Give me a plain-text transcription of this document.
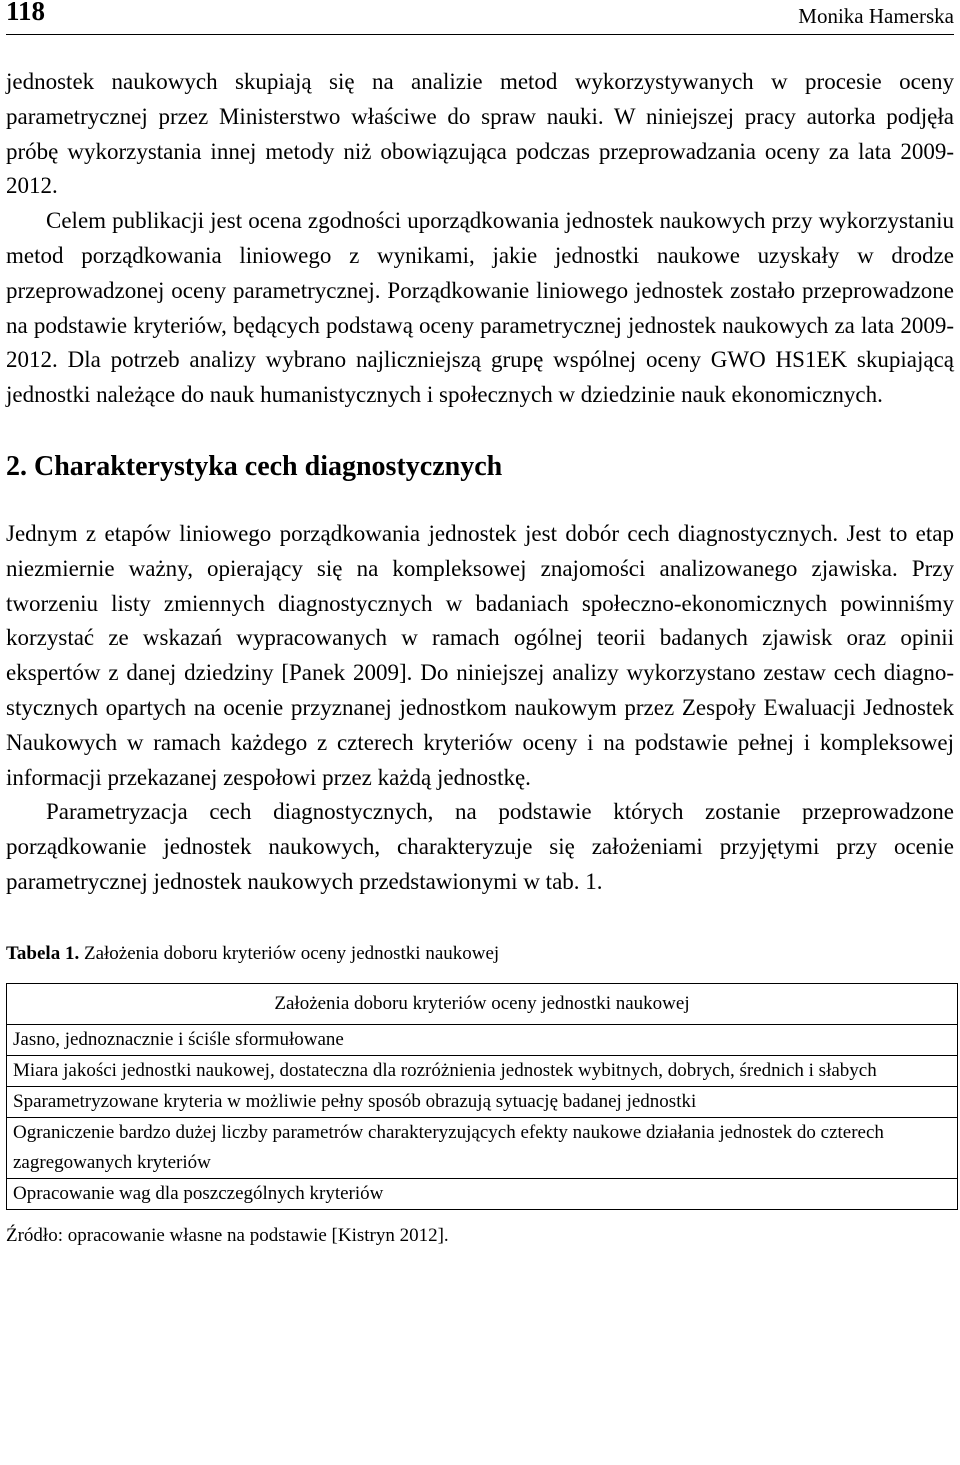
118	Monika Hamerska

jednostek naukowych skupiają się na analizie metod wykorzystywanych w procesie oceny parametrycznej przez Ministerstwo właściwe do spraw nauki. W niniejszej pracy autorka podjęła próbę wykorzystania innej metody niż obowiązująca podczas przeprowadzania oceny za lata 2009-2012.

Celem publikacji jest ocena zgodności uporządkowania jednostek naukowych przy wykorzystaniu metod porządkowania liniowego z wynikami, jakie jednostki naukowe uzyskały w drodze przeprowadzonej oceny parametrycznej. Porządkowanie liniowego jednostek zostało przeprowadzone na podstawie kryteriów, będących podstawą oceny parametrycznej jednostek naukowych za lata 2009-2012. Dla potrzeb analizy wybrano najliczniejszą grupę wspólnej oceny GWO HS1EK skupiającą jednostki należące do nauk humanistycznych i społecznych w dziedzinie nauk ekonomicznych.

2. Charakterystyka cech diagnostycznych

Jednym z etapów liniowego porządkowania jednostek jest dobór cech diagnostycznych. Jest to etap niezmiernie ważny, opierający się na kompleksowej znajomości analizowanego zjawiska. Przy tworzeniu listy zmiennych diagnostycznych w badaniach społeczno-ekonomicznych powinniśmy korzystać ze wskazań wypracowanych w ramach ogólnej teorii badanych zjawisk oraz opinii ekspertów z danej dziedziny [Panek 2009]. Do niniejszej analizy wykorzystano zestaw cech diagnostycznych opartych na ocenie przyznanej jednostkom naukowym przez Zespoły Ewaluacji Jednostek Naukowych w ramach każdego z czterech kryteriów oceny i na podstawie pełnej i kompleksowej informacji przekazanej zespołowi przez każdą jednostkę.

Parametryzacja cech diagnostycznych, na podstawie których zostanie przeprowadzone porządkowanie jednostek naukowych, charakteryzuje się założeniami przyjętymi przy ocenie parametrycznej jednostek naukowych przedstawionymi w tab. 1.

Tabela 1. Założenia doboru kryteriów oceny jednostki naukowej
Założenia doboru kryteriów oceny jednostki naukowej
Jasno, jednoznacznie i ściśle sformułowane
Miara jakości jednostki naukowej, dostateczna dla rozróżnienia jednostek wybitnych, dobrych, średnich i słabych
Sparametryzowane kryteria w możliwie pełny sposób obrazują sytuację badanej jednostki
Ograniczenie bardzo dużej liczby parametrów charakteryzujących efekty naukowe działania jednostek do czterech zagregowanych kryteriów
Opracowanie wag dla poszczególnych kryteriów
Źródło: opracowanie własne na podstawie [Kistryn 2012].
